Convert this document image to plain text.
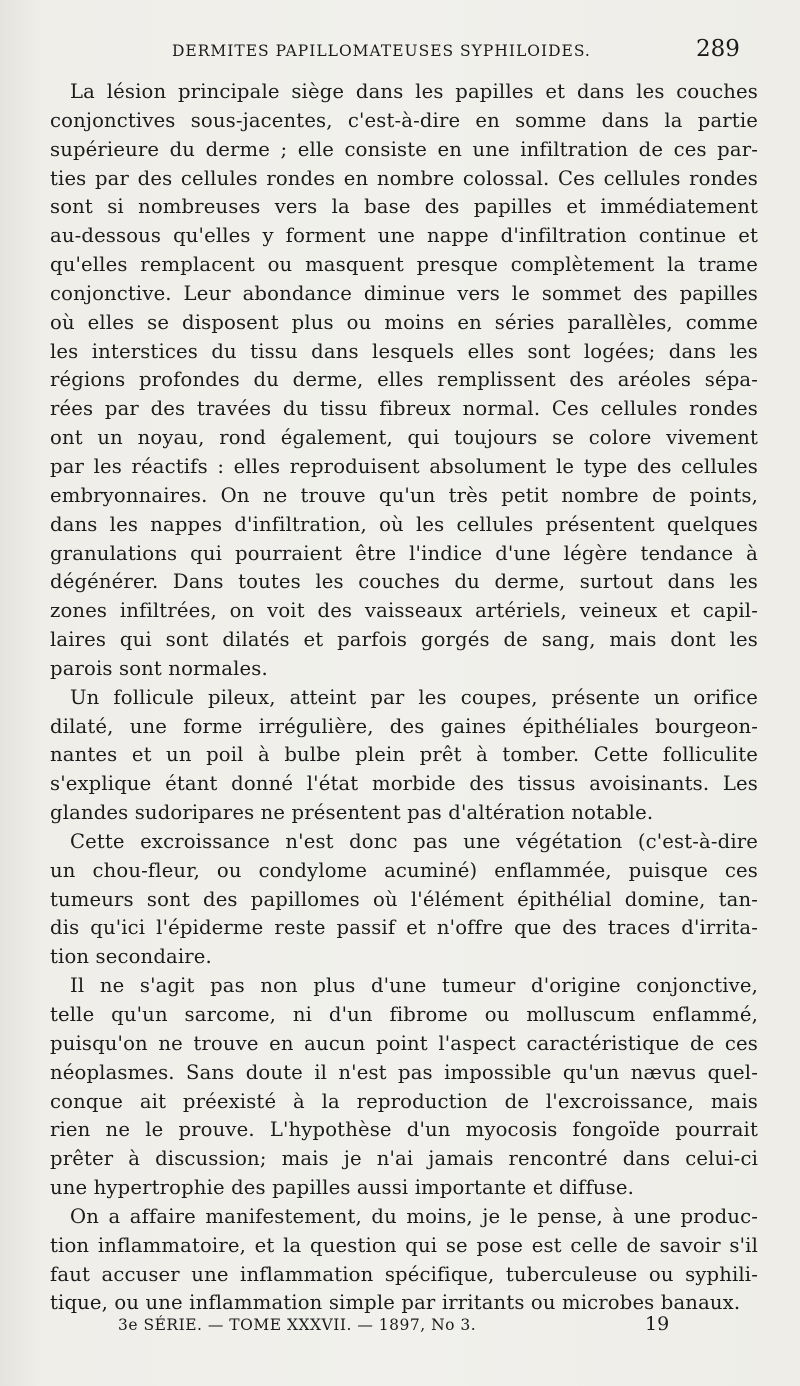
DERMITES PAPILLOMATEUSES SYPHILOIDES.	289
La lésion principale siège dans les papilles et dans les couches
conjonctives sous-jacentes, c'est-à-dire en somme dans la partie
supérieure du derme ; elle consiste en une infiltration de ces par-
ties par des cellules rondes en nombre colossal. Ces cellules rondes
sont si nombreuses vers la base des papilles et immédiatement
au-dessous qu'elles y forment une nappe d'infiltration continue et
qu'elles remplacent ou masquent presque complètement la trame
conjonctive. Leur abondance diminue vers le sommet des papilles
où elles se disposent plus ou moins en séries parallèles, comme
les interstices du tissu dans lesquels elles sont logées; dans les
régions profondes du derme, elles remplissent des aréoles sépa-
rées par des travées du tissu fibreux normal. Ces cellules rondes
ont un noyau, rond également, qui toujours se colore vivement
par les réactifs : elles reproduisent absolument le type des cellules
embryonnaires. On ne trouve qu'un très petit nombre de points,
dans les nappes d'infiltration, où les cellules présentent quelques
granulations qui pourraient être l'indice d'une légère tendance à
dégénérer. Dans toutes les couches du derme, surtout dans les
zones infiltrées, on voit des vaisseaux artériels, veineux et capil-
laires qui sont dilatés et parfois gorgés de sang, mais dont les
parois sont normales.
Un follicule pileux, atteint par les coupes, présente un orifice
dilaté, une forme irrégulière, des gaines épithéliales bourgeon-
nantes et un poil à bulbe plein prêt à tomber. Cette folliculite
s'explique étant donné l'état morbide des tissus avoisinants. Les
glandes sudoripares ne présentent pas d'altération notable.
Cette excroissance n'est donc pas une végétation (c'est-à-dire
un chou-fleur, ou condylome acuminé) enflammée, puisque ces
tumeurs sont des papillomes où l'élément épithélial domine, tan-
dis qu'ici l'épiderme reste passif et n'offre que des traces d'irrita-
tion secondaire.
Il ne s'agit pas non plus d'une tumeur d'origine conjonctive,
telle qu'un sarcome, ni d'un fibrome ou molluscum enflammé,
puisqu'on ne trouve en aucun point l'aspect caractéristique de ces
néoplasmes. Sans doute il n'est pas impossible qu'un nævus quel-
conque ait préexisté à la reproduction de l'excroissance, mais
rien ne le prouve. L'hypothèse d'un myocosis fongoïde pourrait
prêter à discussion; mais je n'ai jamais rencontré dans celui-ci
une hypertrophie des papilles aussi importante et diffuse.
On a affaire manifestement, du moins, je le pense, à une produc-
tion inflammatoire, et la question qui se pose est celle de savoir s'il
faut accuser une inflammation spécifique, tuberculeuse ou syphili-
tique, ou une inflammation simple par irritants ou microbes banaux.
3e SÉRIE. — TOME XXXVII. — 1897, No 3.	19
